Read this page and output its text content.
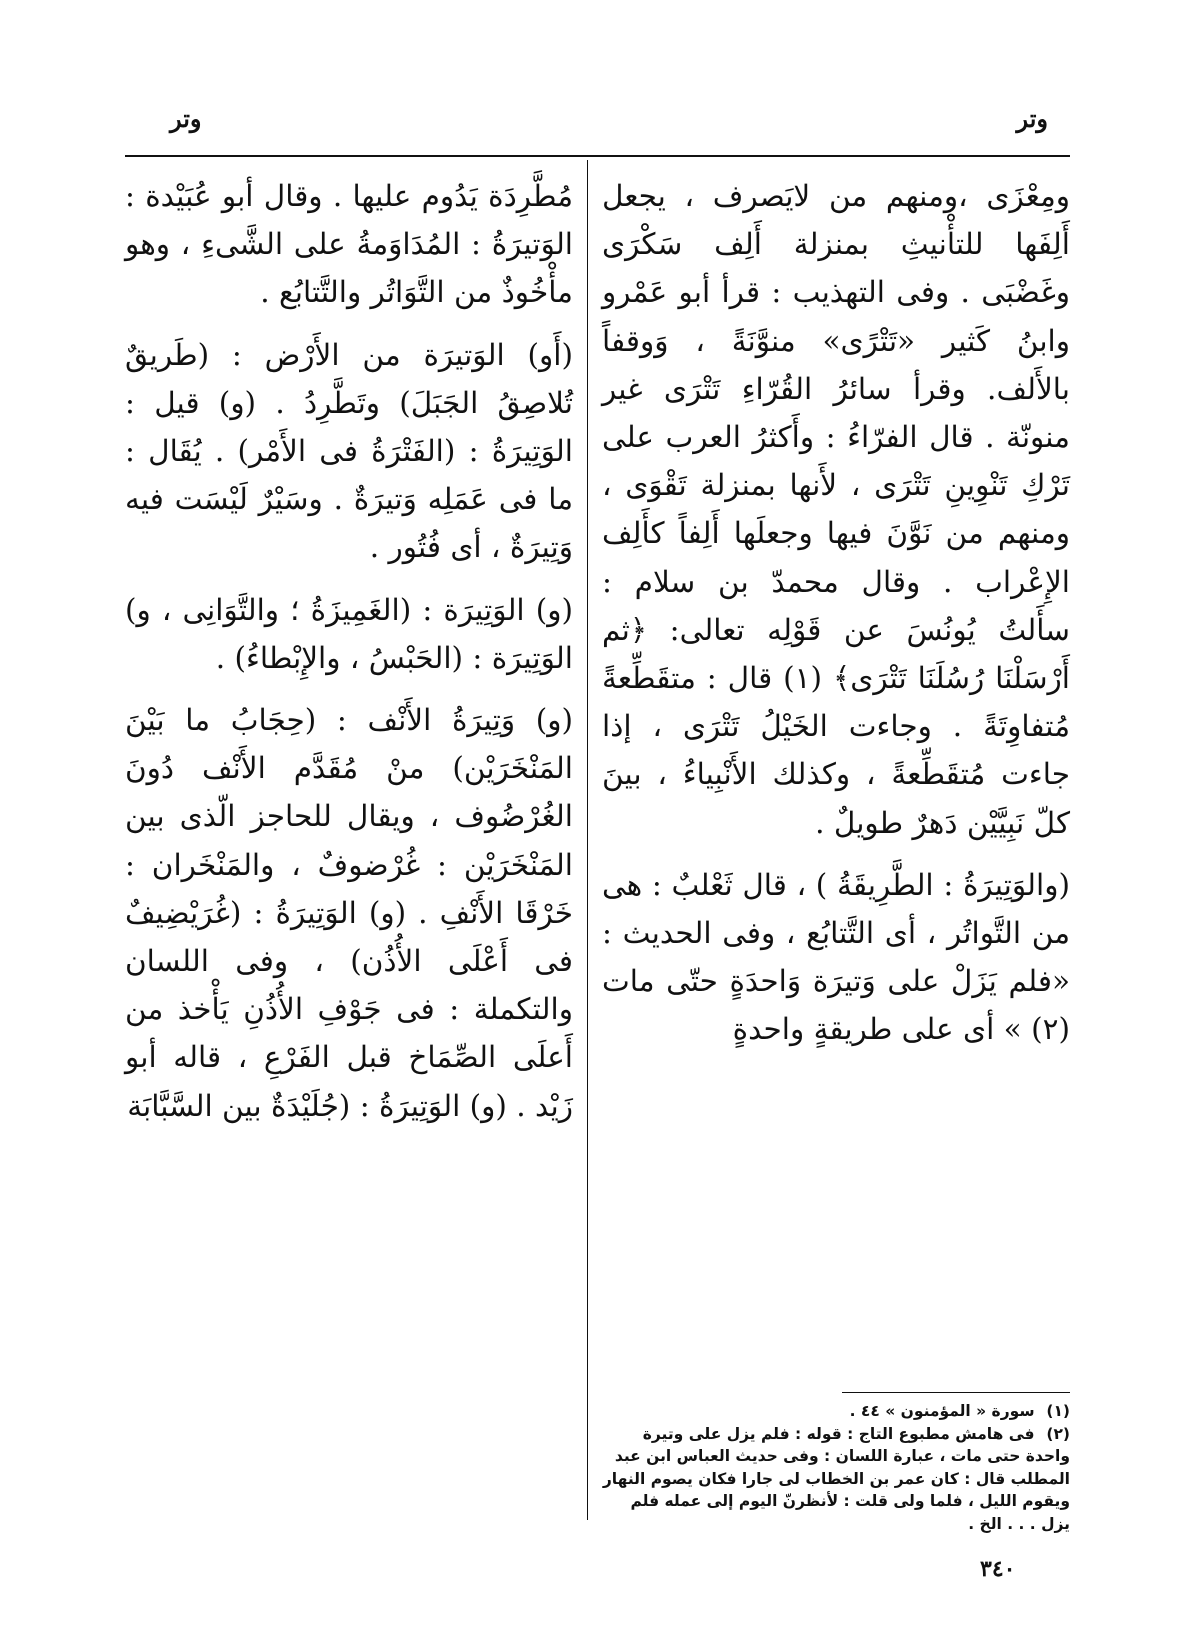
وتر
وتر

ومِعْزَى ،ومنهم من لايَصرف ، يجعل أَلِفَها للتأْنيثِ بمنزلة أَلِف سَكْرَى وغَضْبَى . وفى التهذيب : قرأ أبو عَمْرو وابنُ كَثير «تَتْرًى» منوَّنَةً ، وَوقفاً بالأَلف. وقرأ سائرُ القُرّاءِ تَتْرَى غير منونّة . قال الفرّاءُ : وأَكثرُ العرب على تَرْكِ تَنْوِينِ تَتْرَى ، لأَنها بمنزلة تَقْوَى ، ومنهم من نَوَّنَ فيها وجعلَها أَلِفاً كأَلِف الإِعْراب . وقال محمدّ بن سلام : سأَلتُ يُونُسَ عن قَوْلِه تعالى: ﴿ثم أَرْسَلْنَا رُسُلَنَا تَتْرَى﴾ (١) قال : متقَطِّعةً مُتفاوِتَةً . وجاءت الخَيْلُ تَتْرَى ، إذا جاءت مُتقَطِّعةً ، وكذلك الأَنْبِياءُ ، بينَ كلّ نَبِيَّيْن دَهرٌ طويلٌ .

(والوَتِيرَةُ : الطَّرِيقَةُ ) ، قال ثَعْلبٌ : هى من التَّواتُر ، أى التَّتابُع ، وفى الحديث : «فلم يَزَلْ على وَتيرَة وَاحدَةٍ حتّى مات (٢) » أى على طريقةٍ واحدةٍ

مُطَّرِدَة يَدُوم عليها . وقال أبو عُبَيْدة : الوَتيرَةُ : المُدَاوَمةُ على الشَّىءِ ، وهو مأْخُوذٌ من التَّوَاتُر والتَّتابُع .

(أَو) الوَتيرَة من الأَرْض : (طَريقٌ تُلاصِقُ الجَبَلَ) وتَطَّرِدُ . (و) قيل : الوَتِيرَةُ : (الفَتْرَةُ فى الأَمْر) . يُقَال : ما فى عَمَلِه وَتيرَةٌ . وسَيْرٌ لَيْسَت فيه وَتِيرَةٌ ، أى فُتُور .

(و) الوَتِيرَة : (الغَمِيزَةُ ؛ والتَّوَانِى ، و) الوَتِيرَة : (الحَبْسُ ، والإِبْطاءُ) .

(و) وَتِيرَةُ الأَنْف : (حِجَابُ ما بَيْنَ المَنْخَرَيْن) منْ مُقَدَّم الأَنْف دُونَ الغُرْضُوف ، ويقال للحاجز الّذى بين المَنْخَرَيْن : غُرْضوفٌ ، والمَنْخَران : خَرْقَا الأَنْفِ . (و) الوَتِيرَةُ : (غُرَيْضِيفٌ فى أَعْلَى الأُذُن) ، وفى اللسان والتكملة : فى جَوْفِ الأُذُنِ يَأْخذ من أَعلَى الصِّمَاخ قبل الفَرْعِ ، قاله أبو زَيْد . (و) الوَتِيرَةُ : (جُلَيْدَةٌ بين السَّبَّابَة

(١) سورة « المؤمنون » ٤٤ .

(٢) فى هامش مطبوع التاج : قوله : فلم يزل على وتيرة واحدة حتى مات ، عبارة اللسان : وفى حديث العباس ابن عبد المطلب قال : كان عمر بن الخطاب لى جارا فكان يصوم النهار ويقوم الليل ، فلما ولى قلت : لأنظرنّ اليوم إلى عمله فلم يزل . . . الخ .

٣٤٠
